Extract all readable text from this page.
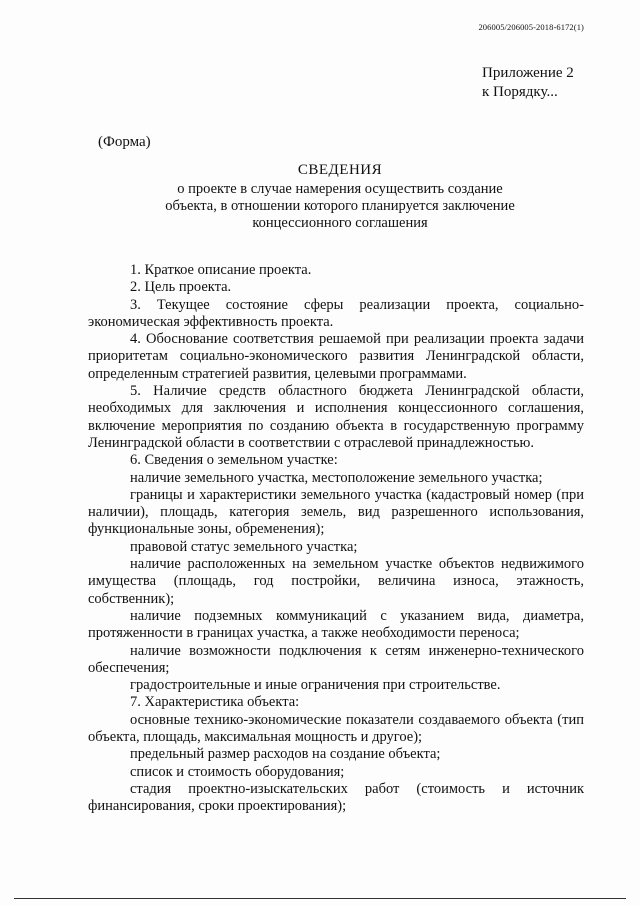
206005/206005-2018-6172(1)
Приложение 2
к Порядку...
(Форма)
СВЕДЕНИЯ
о проекте в случае намерения осуществить создание
объекта, в отношении которого планируется заключение
концессионного соглашения

1. Краткое описание проекта.

2. Цель проекта.

3. Текущее состояние сферы реализации проекта, социально-экономическая эффективность проекта.

4. Обоснование соответствия решаемой при реализации проекта задачи приоритетам социально-экономического развития Ленинградской области, определенным стратегией развития, целевыми программами.

5. Наличие средств областного бюджета Ленинградской области, необходимых для заключения и исполнения концессионного соглашения, включение мероприятия по созданию объекта в государственную программу Ленинградской области в соответствии с отраслевой принадлежностью.

6. Сведения о земельном участке:

наличие земельного участка, местоположение земельного участка;

границы и характеристики земельного участка (кадастровый номер (при наличии), площадь, категория земель, вид разрешенного использования, функциональные зоны, обременения);

правовой статус земельного участка;

наличие расположенных на земельном участке объектов недвижимого имущества (площадь, год постройки, величина износа, этажность, собственник);

наличие подземных коммуникаций с указанием вида, диаметра, протяженности в границах участка, а также необходимости переноса;

наличие возможности подключения к сетям инженерно-технического обеспечения;

градостроительные и иные ограничения при строительстве.

7. Характеристика объекта:

основные технико-экономические показатели создаваемого объекта (тип объекта, площадь, максимальная мощность и другое);

предельный размер расходов на создание объекта;

список и стоимость оборудования;

стадия проектно-изыскательских работ (стоимость и источник финансирования, сроки проектирования);
